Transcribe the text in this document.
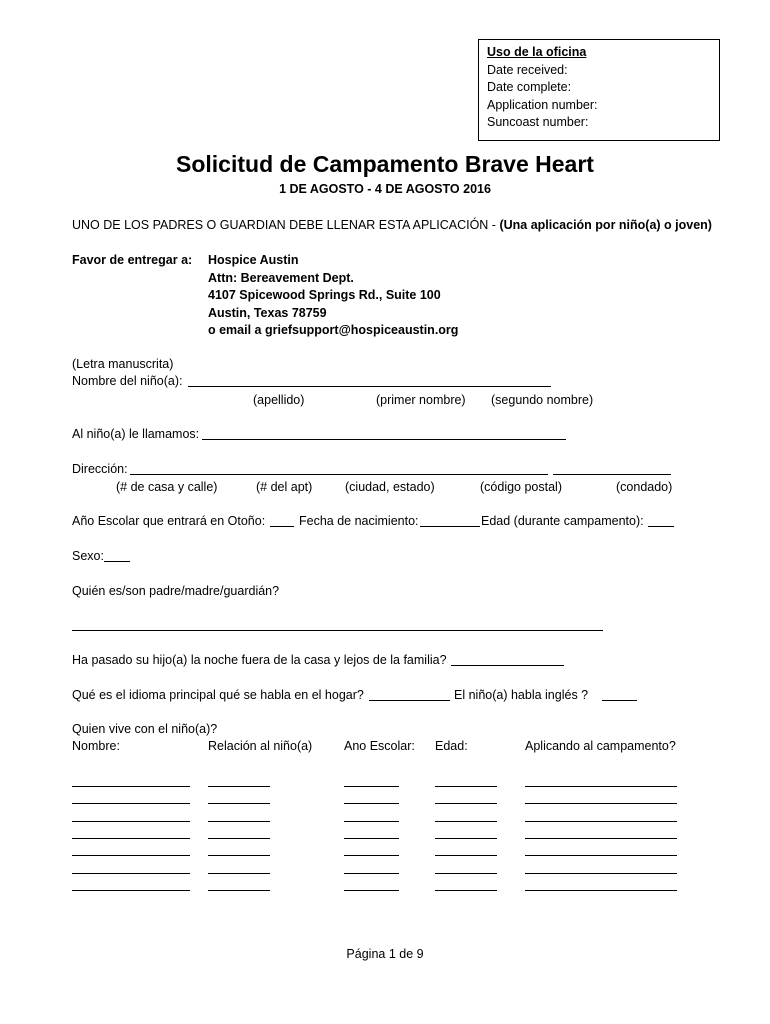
Uso de la oficina
Date received:
Date complete:
Application number:
Suncoast number:
Solicitud de Campamento Brave Heart
1 DE AGOSTO - 4 DE AGOSTO 2016
UNO DE LOS PADRES O GUARDIAN DEBE LLENAR ESTA APLICACIÓN - (Una aplicación por niño(a) o joven)
Favor de entregar a: Hospice Austin
Attn: Bereavement Dept.
4107 Spicewood Springs Rd., Suite 100
Austin, Texas 78759
o email a griefsupport@hospiceaustin.org
(Letra manuscrita)
Nombre del niño(a):
(apellido)	(primer nombre) (segundo nombre)
Al niño(a) le llamamos:
Dirección:
(# de casa y calle)	(# del apt)	(ciudad, estado)	(código postal)	(condado)
Año Escolar que entrará en Otoño:	Fecha de nacimiento:	Edad (durante campamento):
Sexo:
Quién es/son padre/madre/guardián?
Ha pasado su hijo(a) la noche fuera de la casa y lejos de la familia?
Qué es el idioma principal qué se habla en el hogar?	El niño(a) habla inglés ?
Quien vive con el niño(a)?
Nombre:	Relación al niño(a)	Ano Escolar: Edad:	Aplicando al campamento?
Página 1 de 9
